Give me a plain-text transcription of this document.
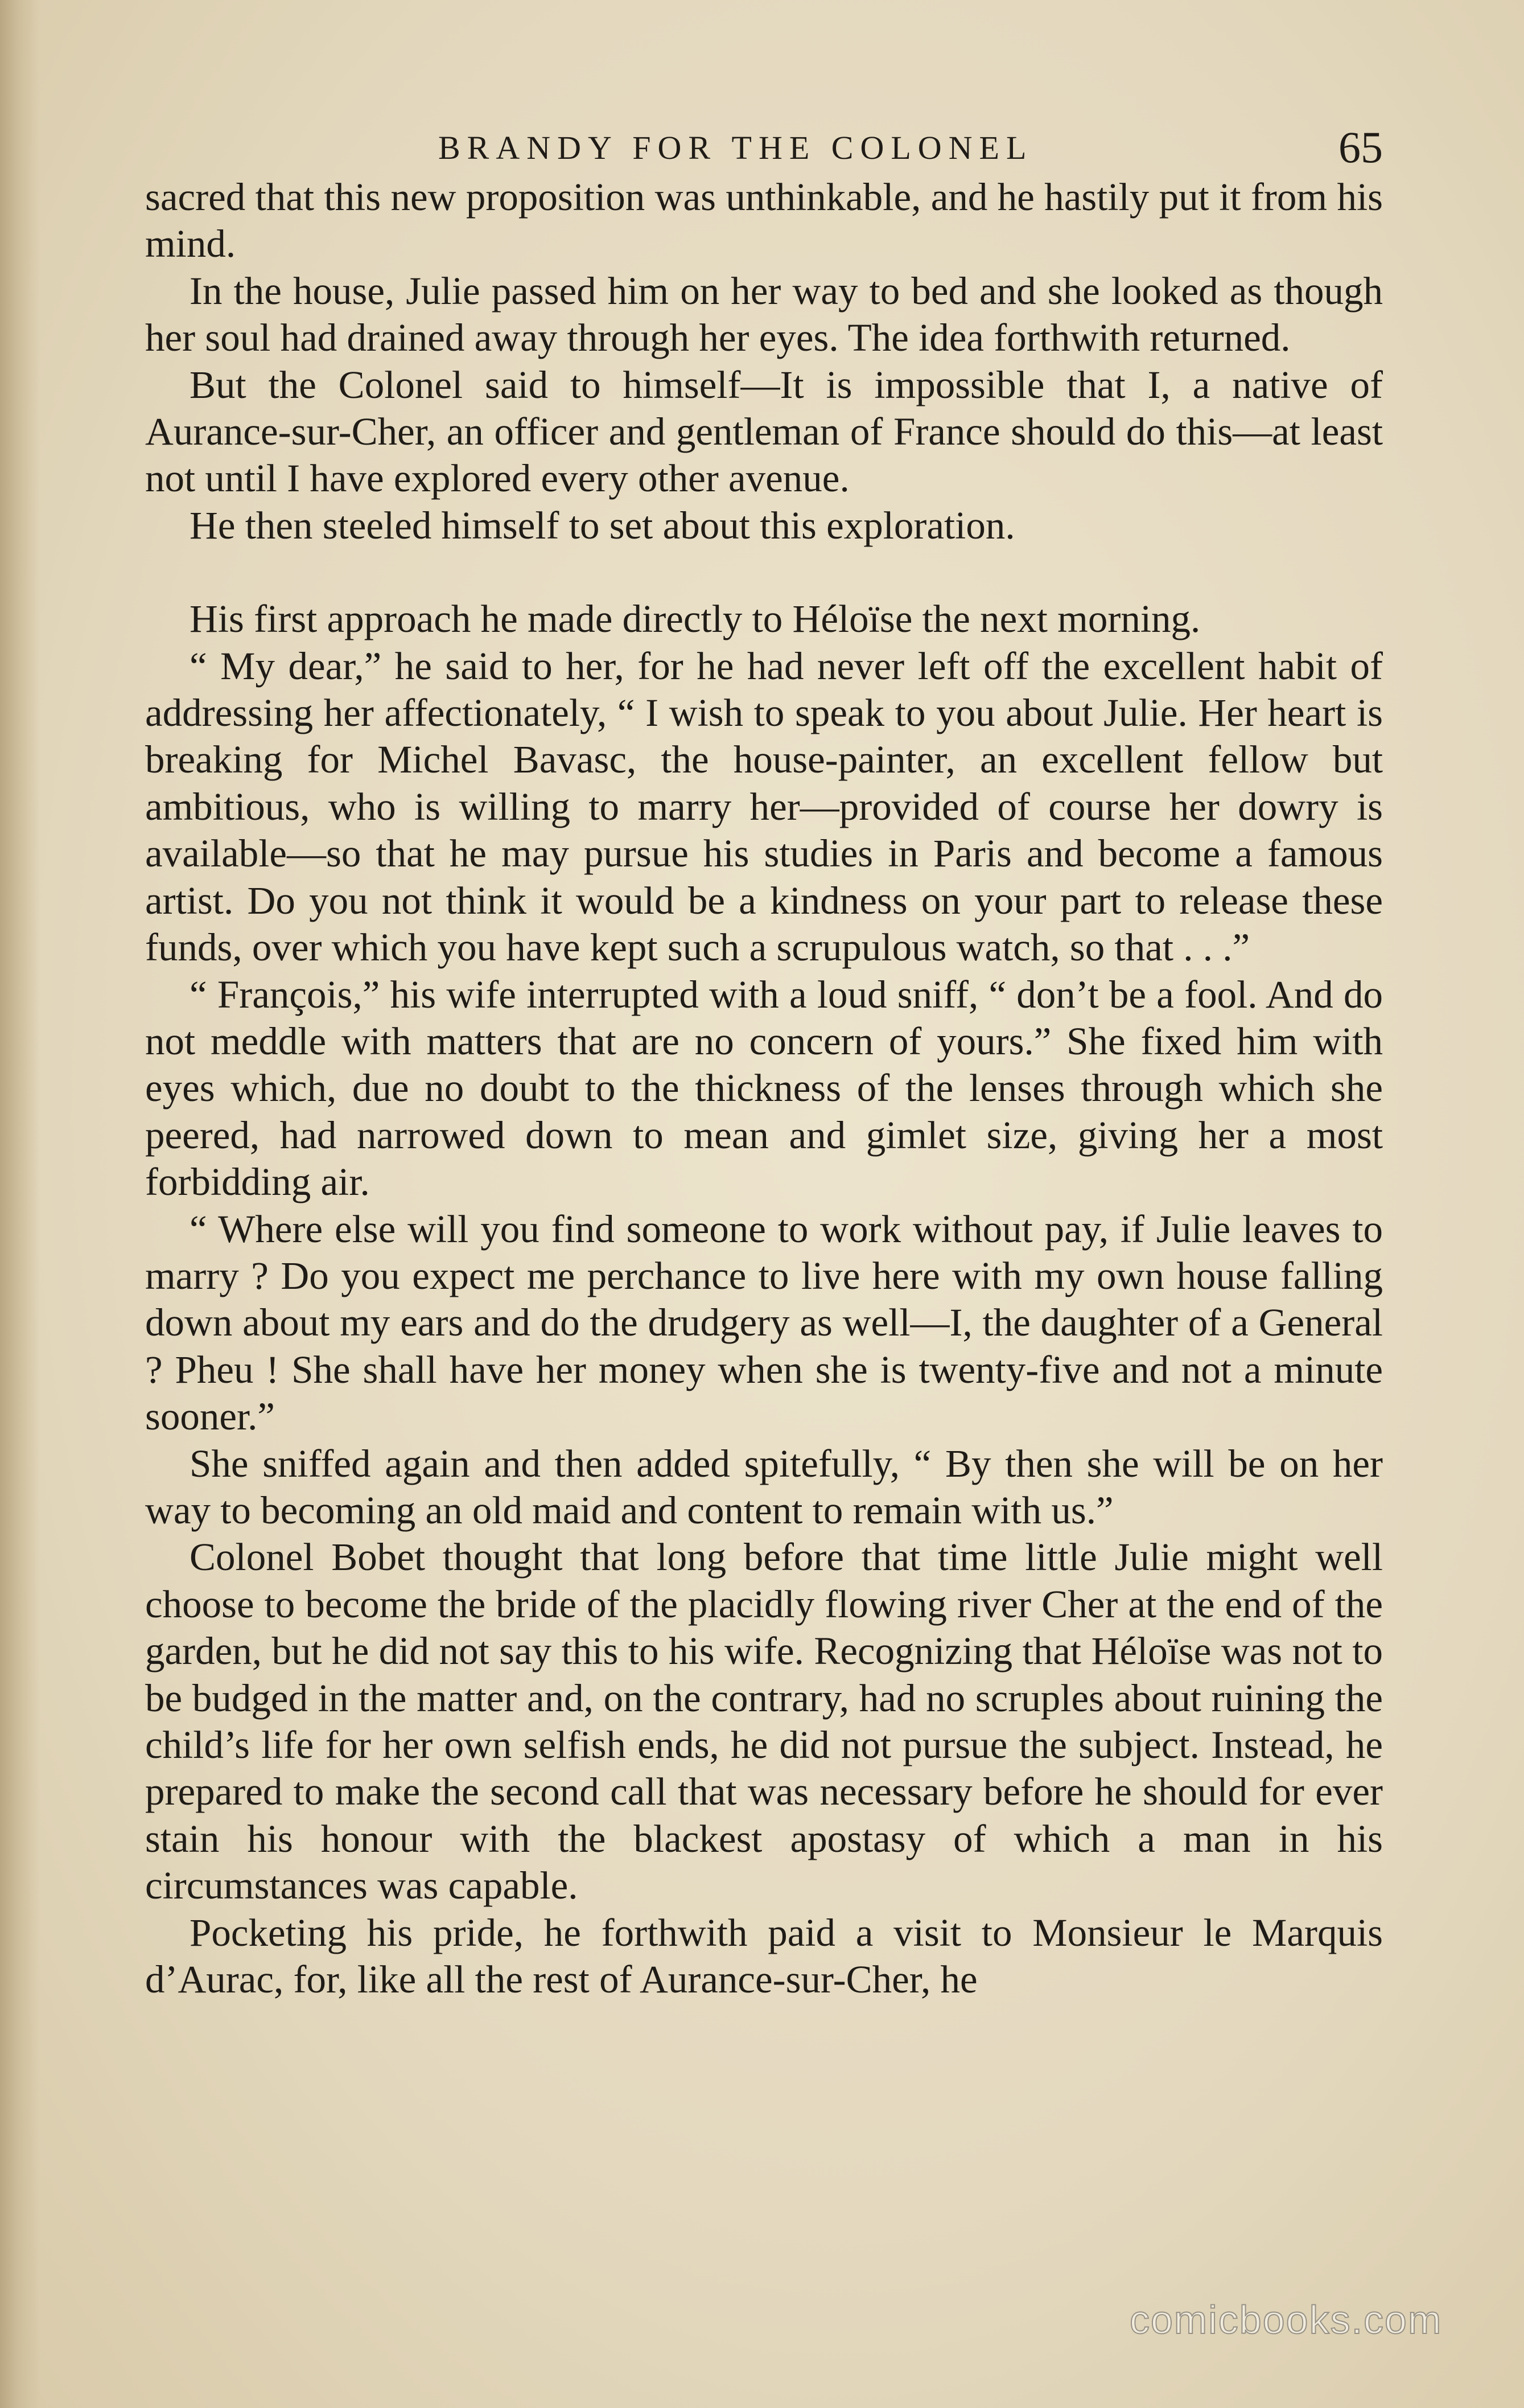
BRANDY FOR THE COLONEL	65

sacred that this new proposition was unthinkable, and he hastily put it from his mind.

In the house, Julie passed him on her way to bed and she looked as though her soul had drained away through her eyes. The idea forthwith returned.

But the Colonel said to himself—It is impossible that I, a native of Aurance-sur-Cher, an officer and gentleman of France should do this—at least not until I have explored every other avenue.

He then steeled himself to set about this exploration.

His first approach he made directly to Héloïse the next morning.

“ My dear,” he said to her, for he had never left off the excellent habit of addressing her affectionately, “ I wish to speak to you about Julie. Her heart is breaking for Michel Bavasc, the house-painter, an excellent fellow but ambitious, who is willing to marry her—provided of course her dowry is available—so that he may pursue his studies in Paris and become a famous artist. Do you not think it would be a kindness on your part to release these funds, over which you have kept such a scrupulous watch, so that . . .”

“ François,” his wife interrupted with a loud sniff, “ don’t be a fool. And do not meddle with matters that are no concern of yours.” She fixed him with eyes which, due no doubt to the thickness of the lenses through which she peered, had narrowed down to mean and gimlet size, giving her a most forbidding air.

“ Where else will you find someone to work without pay, if Julie leaves to marry ? Do you expect me perchance to live here with my own house falling down about my ears and do the drudgery as well—I, the daughter of a General ? Pheu ! She shall have her money when she is twenty-five and not a minute sooner.”

She sniffed again and then added spitefully, “ By then she will be on her way to becoming an old maid and content to remain with us.”

Colonel Bobet thought that long before that time little Julie might well choose to become the bride of the placidly flowing river Cher at the end of the garden, but he did not say this to his wife. Recognizing that Héloïse was not to be budged in the matter and, on the contrary, had no scruples about ruining the child’s life for her own selfish ends, he did not pursue the subject. Instead, he prepared to make the second call that was necessary before he should for ever stain his honour with the blackest apostasy of which a man in his circumstances was capable.

Pocketing his pride, he forthwith paid a visit to Monsieur le Marquis d’Aurac, for, like all the rest of Aurance-sur-Cher, he

comicbooks.com
